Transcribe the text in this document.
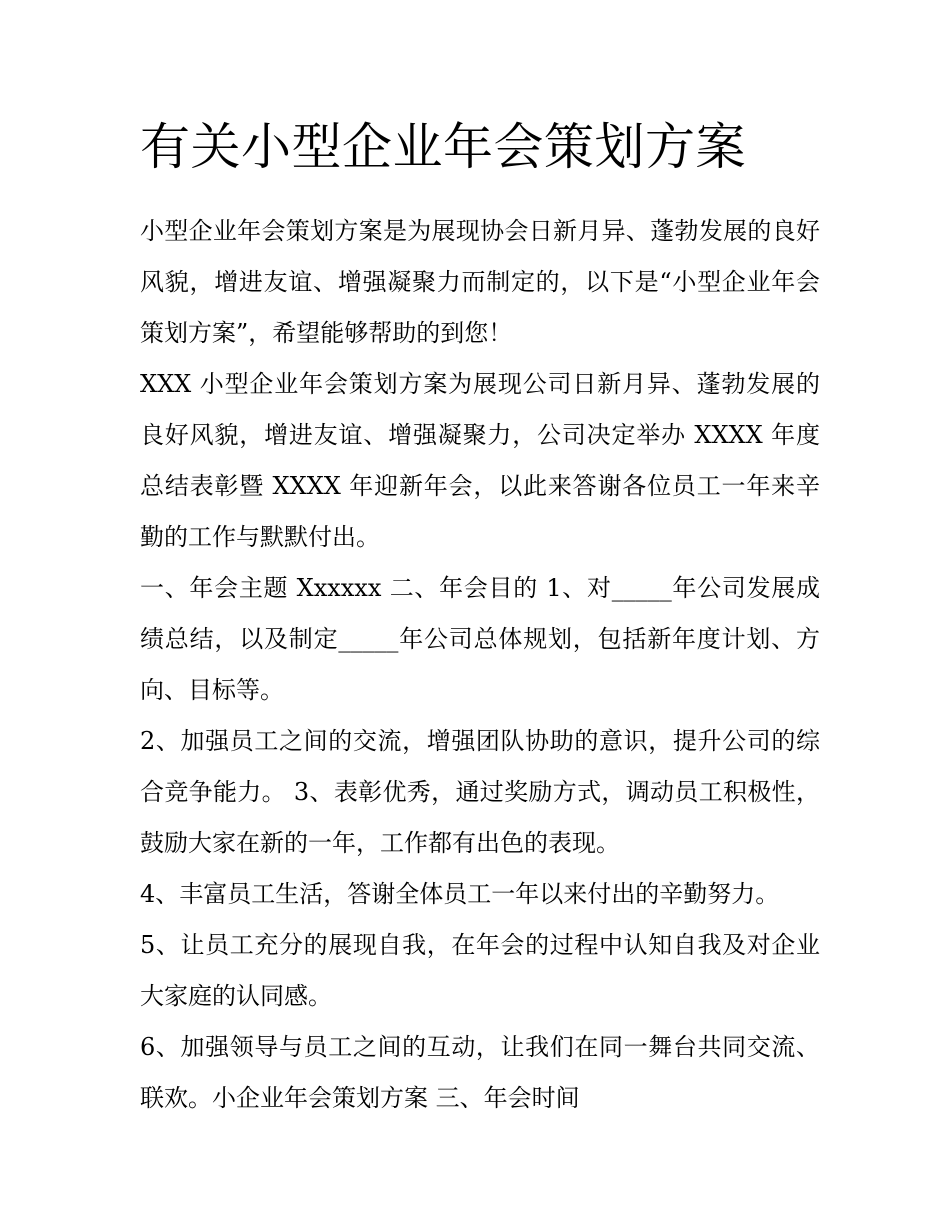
有关小型企业年会策划方案

小型企业年会策划方案是为展现协会日新月异、蓬勃发展的良好风貌，增进友谊、增强凝聚力而制定的，以下是“小型企业年会策划方案”，希望能够帮助的到您！

XXX 小型企业年会策划方案为展现公司日新月异、蓬勃发展的良好风貌，增进友谊、增强凝聚力，公司决定举办 XXXX 年度总结表彰暨 XXXX 年迎新年会，以此来答谢各位员工一年来辛勤的工作与默默付出。

一、年会主题 Xxxxxx 二、年会目的 1、对_____年公司发展成绩总结，以及制定_____年公司总体规划，包括新年度计划、方向、目标等。

2、加强员工之间的交流，增强团队协助的意识，提升公司的综合竞争能力。 3、表彰优秀，通过奖励方式，调动员工积极性，鼓励大家在新的一年，工作都有出色的表现。

4、丰富员工生活，答谢全体员工一年以来付出的辛勤努力。

5、让员工充分的展现自我，在年会的过程中认知自我及对企业大家庭的认同感。

6、加强领导与员工之间的互动，让我们在同一舞台共同交流、联欢。小企业年会策划方案 三、年会时间
